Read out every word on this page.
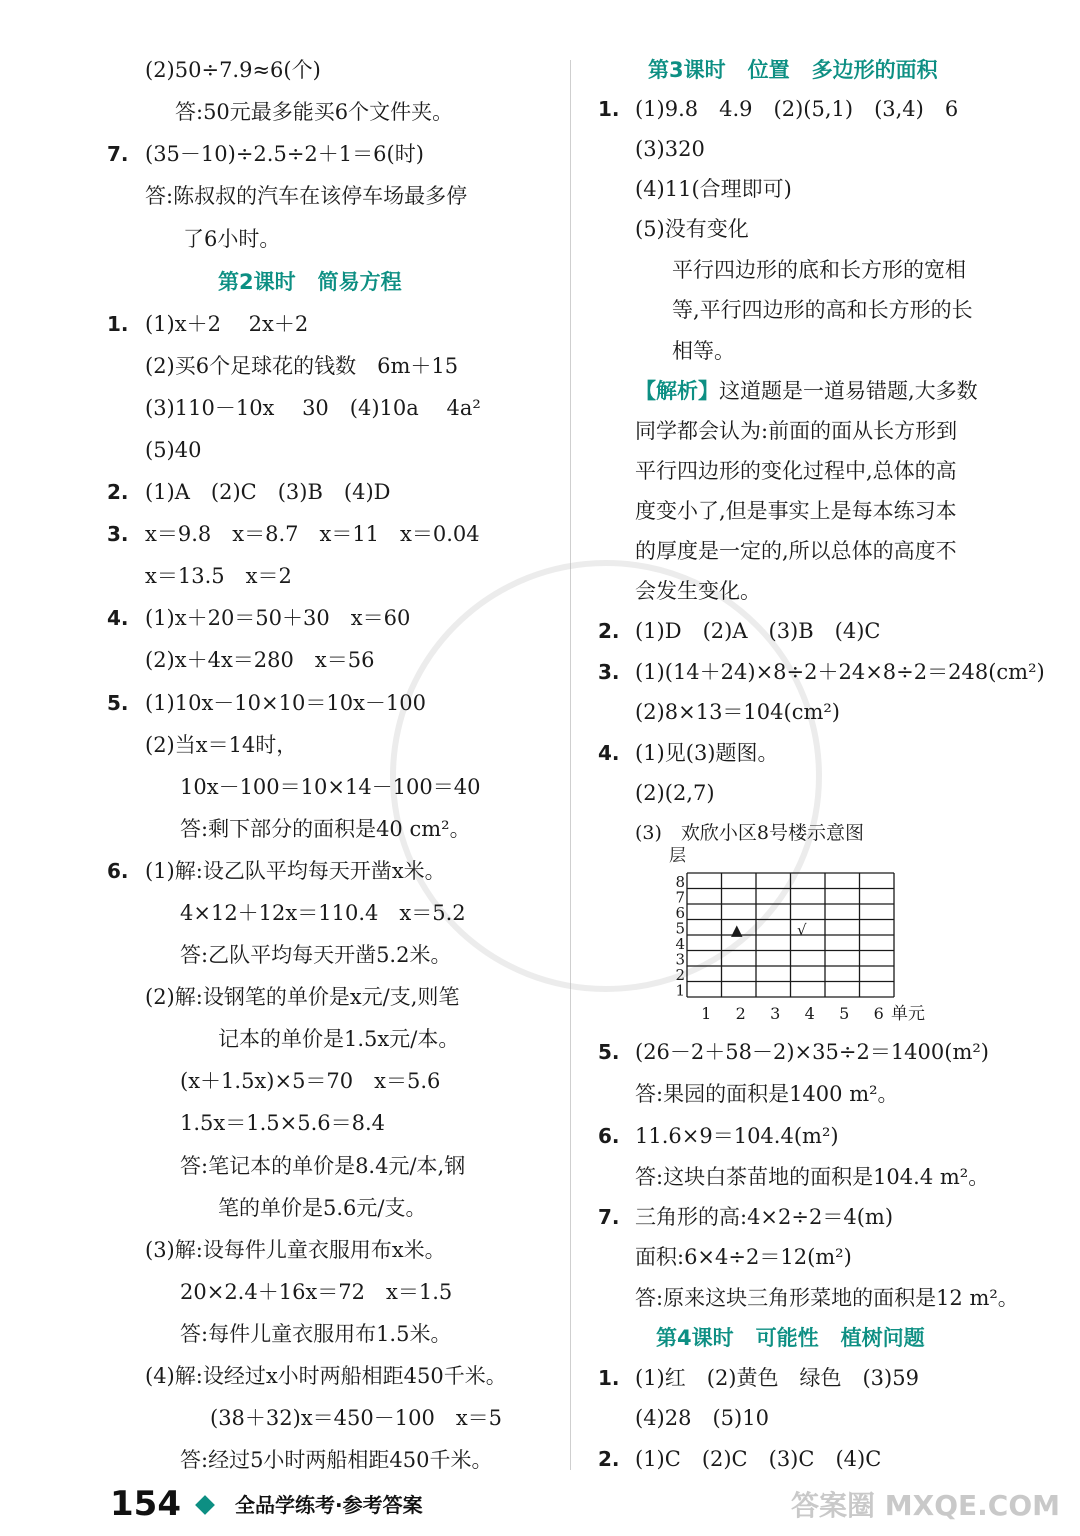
(2)50÷7.9≈6(个)
答:50元最多能买6个文件夹。
7. (35－10)÷2.5÷2＋1＝6(时)
答:陈叔叔的汽车在该停车场最多停
了6小时。
第2课时 简易方程
1. (1)x＋2　 2x＋2
(2)买6个足球花的钱数　6m＋15
(3)110－10x　 30　(4)10a　 4a²
(5)40
2. (1)A　(2)C　(3)B　(4)D
3. x＝9.8　x＝8.7　x＝11　x＝0.04
x＝13.5　x＝2
4. (1)x＋20＝50＋30　x＝60
(2)x＋4x＝280　x＝56
5. (1)10x－10×10＝10x－100
(2)当x＝14时，
10x－100＝10×14－100＝40
答:剩下部分的面积是40 cm²。
6. (1)解:设乙队平均每天开凿x米。
4×12＋12x＝110.4　x＝5.2
答:乙队平均每天开凿5.2米。
(2)解:设钢笔的单价是x元/支,则笔
记本的单价是1.5x元/本。
(x＋1.5x)×5＝70　x＝5.6
1.5x＝1.5×5.6＝8.4
答:笔记本的单价是8.4元/本,钢
笔的单价是5.6元/支。
(3)解:设每件儿童衣服用布x米。
20×2.4＋16x＝72　x＝1.5
答:每件儿童衣服用布1.5米。
(4)解:设经过x小时两船相距450千米。
(38＋32)x＝450－100　x＝5
答:经过5小时两船相距450千米。
第3课时 位置 多边形的面积
1. (1)9.8　4.9　(2)(5,1)　(3,4)　6
(3)320
(4)11(合理即可)
(5)没有变化
平行四边形的底和长方形的宽相
等,平行四边形的高和长方形的长
相等。
【解析】这道题是一道易错题,大多数
同学都会认为:前面的面从长方形到
平行四边形的变化过程中,总体的高
度变小了,但是事实上是每本练习本
的厚度是一定的,所以总体的高度不
会发生变化。
2. (1)D　(2)A　(3)B　(4)C
3. (1)(14＋24)×8÷2＋24×8÷2＝248(cm²)
(2)8×13＝104(cm²)
4. (1)见(3)题图。
(2)(2,7)
(3)　欢欣小区8号楼示意图
层
8
7
6
5
4
3
2
1
1 2 3 4 5 6 单元
▲	√
5. (26－2＋58－2)×35÷2＝1400(m²)
答:果园的面积是1400 m²。
6. 11.6×9＝104.4(m²)
答:这块白茶苗地的面积是104.4 m²。
7. 三角形的高:4×2÷2＝4(m)
面积:6×4÷2＝12(m²)
答:原来这块三角形菜地的面积是12 m²。
第4课时 可能性 植树问题
1. (1)红　(2)黄色　绿色　(3)59
(4)28　(5)10
2. (1)C　(2)C　(3)C　(4)C
154	全品学练考·参考答案	答案圈 MXQE.COM
